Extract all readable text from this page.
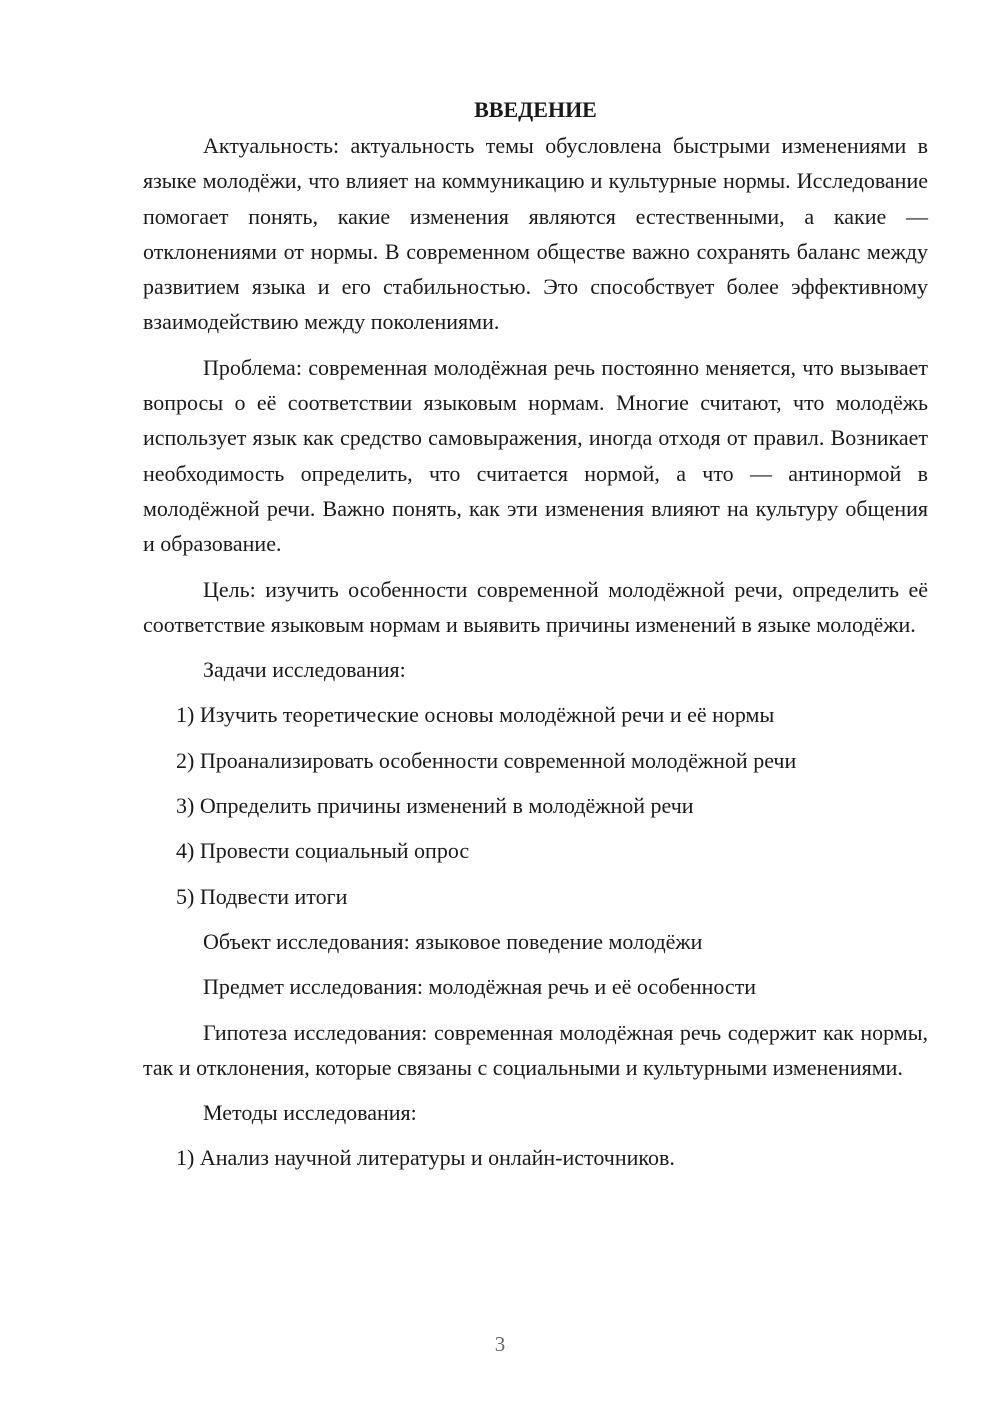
ВВЕДЕНИЕ

Актуальность: актуальность темы обусловлена быстрыми изменениями в языке молодёжи, что влияет на коммуникацию и культурные нормы. Исследование помогает понять, какие изменения являются естественными, а какие — отклонениями от нормы. В современном обществе важно сохранять баланс между развитием языка и его стабильностью. Это способствует более эффективному взаимодействию между поколениями.

Проблема: современная молодёжная речь постоянно меняется, что вызывает вопросы о её соответствии языковым нормам. Многие считают, что молодёжь использует язык как средство самовыражения, иногда отходя от правил. Возникает необходимость определить, что считается нормой, а что — антинормой в молодёжной речи. Важно понять, как эти изменения влияют на культуру общения и образование.

Цель: изучить особенности современной молодёжной речи, определить её соответствие языковым нормам и выявить причины изменений в языке молодёжи.

Задачи исследования:
1) Изучить теоретические основы молодёжной речи и её нормы
2) Проанализировать особенности современной молодёжной речи
3) Определить причины изменений в молодёжной речи
4) Провести социальный опрос
5) Подвести итоги
Объект исследования: языковое поведение молодёжи
Предмет исследования: молодёжная речь и её особенности

Гипотеза исследования: современная молодёжная речь содержит как нормы, так и отклонения, которые связаны с социальными и культурными изменениями.

Методы исследования:
1) Анализ научной литературы и онлайн-источников.
3
